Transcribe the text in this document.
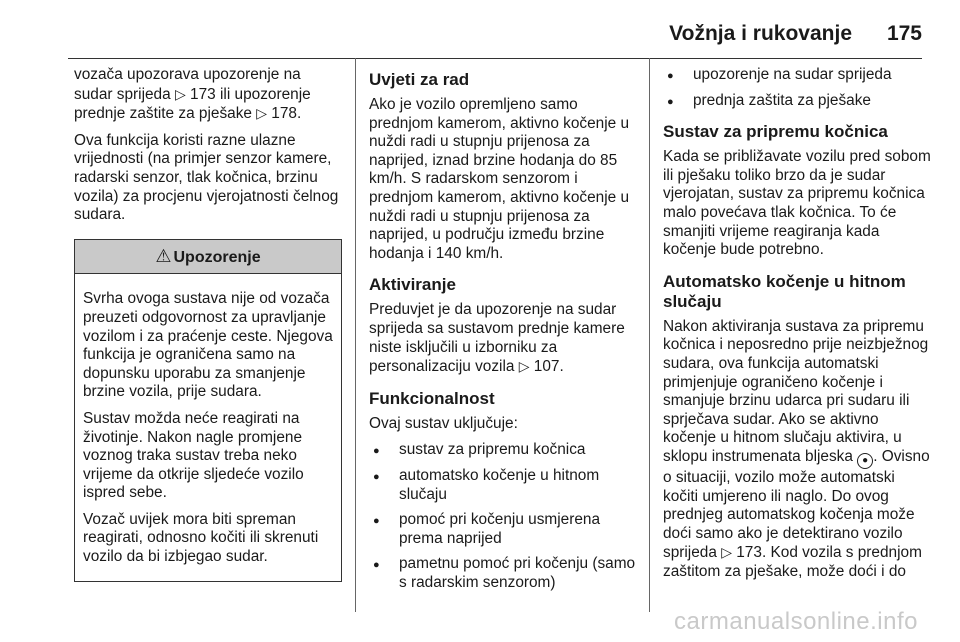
Vožnja i rukovanje 175

vozača upozorava upozorenje na sudar sprijeda ▷ 173 ili upozorenje prednje zaštite za pješake ▷ 178.

Ova funkcija koristi razne ulazne vrijednosti (na primjer senzor kamere, radarski senzor, tlak kočnica, brzinu vozila) za procjenu vjerojatnosti čelnog sudara.

⚠ Upozorenje

Svrha ovoga sustava nije od vozača preuzeti odgovornost za upravljanje vozilom i za praćenje ceste. Njegova funkcija je ograničena samo na dopunsku uporabu za smanjenje brzine vozila, prije sudara.

Sustav možda neće reagirati na životinje. Nakon nagle promjene voznog traka sustav treba neko vrijeme da otkrije sljedeće vozilo ispred sebe.

Vozač uvijek mora biti spreman reagirati, odnosno kočiti ili skrenuti vozilo da bi izbjegao sudar.

Uvjeti za rad

Ako je vozilo opremljeno samo prednjom kamerom, aktivno kočenje u nuždi radi u stupnju prijenosa za naprijed, iznad brzine hodanja do 85 km/h. S radarskom senzorom i prednjom kamerom, aktivno kočenje u nuždi radi u stupnju prijenosa za naprijed, u području između brzine hodanja i 140 km/h.

Aktiviranje

Preduvjet je da upozorenje na sudar sprijeda sa sustavom prednje kamere niste isključili u izborniku za personalizaciju vozila ▷ 107.

Funkcionalnost

Ovaj sustav uključuje:

● sustav za pripremu kočnica
● automatsko kočenje u hitnom slučaju
● pomoć pri kočenju usmjerena prema naprijed
● pametnu pomoć pri kočenju (samo s radarskim senzorom)
● upozorenje na sudar sprijeda
● prednja zaštita za pješake
Sustav za pripremu kočnica

Kada se približavate vozilu pred sobom ili pješaku toliko brzo da je sudar vjerojatan, sustav za pripremu kočnica malo povećava tlak kočnica. To će smanjiti vrijeme reagiranja kada kočenje bude potrebno.

Automatsko kočenje u hitnom slučaju

Nakon aktiviranja sustava za pripremu kočnica i neposredno prije neizbježnog sudara, ova funkcija automatski primjenjuje ograničeno kočenje i smanjuje brzinu udarca pri sudaru ili sprječava sudar. Ako se aktivno kočenje u hitnom slučaju aktivira, u sklopu instrumenata bljeska ● . Ovisno o situaciji, vozilo može automatski kočiti umjereno ili naglo. Do ovog prednjeg automatskog kočenja može doći samo ako je detektirano vozilo sprijeda ▷ 173. Kod vozila s prednjom zaštitom za pješake, može doći i do

carmanualsonline.info
